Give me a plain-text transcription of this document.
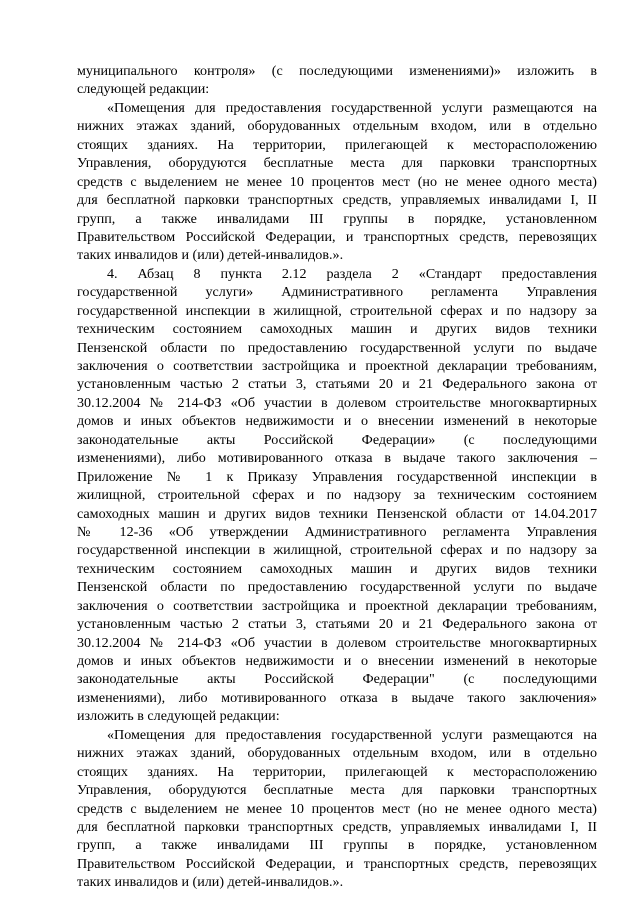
муниципального контроля» (с последующими изменениями)» изложить в
следующей редакции:
«Помещения для предоставления государственной услуги размещаются на
нижних этажах зданий, оборудованных отдельным входом, или в отдельно
стоящих зданиях. На территории, прилегающей к месторасположению
Управления, оборудуются бесплатные места для парковки транспортных
средств с выделением не менее 10 процентов мест (но не менее одного места)
для бесплатной парковки транспортных средств, управляемых инвалидами I, II
групп, а также инвалидами III группы в порядке, установленном
Правительством Российской Федерации, и транспортных средств, перевозящих
таких инвалидов и (или) детей-инвалидов.».
4. Абзац 8 пункта 2.12 раздела 2 «Стандарт предоставления
государственной услуги» Административного регламента Управления
государственной инспекции в жилищной, строительной сферах и по надзору за
техническим состоянием самоходных машин и других видов техники
Пензенской области по предоставлению государственной услуги по выдаче
заключения о соответствии застройщика и проектной декларации требованиям,
установленным частью 2 статьи 3, статьями 20 и 21 Федерального закона от
30.12.2004 № 214-ФЗ «Об участии в долевом строительстве многоквартирных
домов и иных объектов недвижимости и о внесении изменений в некоторые
законодательные акты Российской Федерации» (с последующими
изменениями), либо мотивированного отказа в выдаче такого заключения –
Приложение № 1 к Приказу Управления государственной инспекции в
жилищной, строительной сферах и по надзору за техническим состоянием
самоходных машин и других видов техники Пензенской области от 14.04.2017
№ 12-36 «Об утверждении Административного регламента Управления
государственной инспекции в жилищной, строительной сферах и по надзору за
техническим состоянием самоходных машин и других видов техники
Пензенской области по предоставлению государственной услуги по выдаче
заключения о соответствии застройщика и проектной декларации требованиям,
установленным частью 2 статьи 3, статьями 20 и 21 Федерального закона от
30.12.2004 № 214-ФЗ «Об участии в долевом строительстве многоквартирных
домов и иных объектов недвижимости и о внесении изменений в некоторые
законодательные акты Российской Федерации" (с последующими
изменениями), либо мотивированного отказа в выдаче такого заключения»
изложить в следующей редакции:
«Помещения для предоставления государственной услуги размещаются на
нижних этажах зданий, оборудованных отдельным входом, или в отдельно
стоящих зданиях. На территории, прилегающей к месторасположению
Управления, оборудуются бесплатные места для парковки транспортных
средств с выделением не менее 10 процентов мест (но не менее одного места)
для бесплатной парковки транспортных средств, управляемых инвалидами I, II
групп, а также инвалидами III группы в порядке, установленном
Правительством Российской Федерации, и транспортных средств, перевозящих
таких инвалидов и (или) детей-инвалидов.».
